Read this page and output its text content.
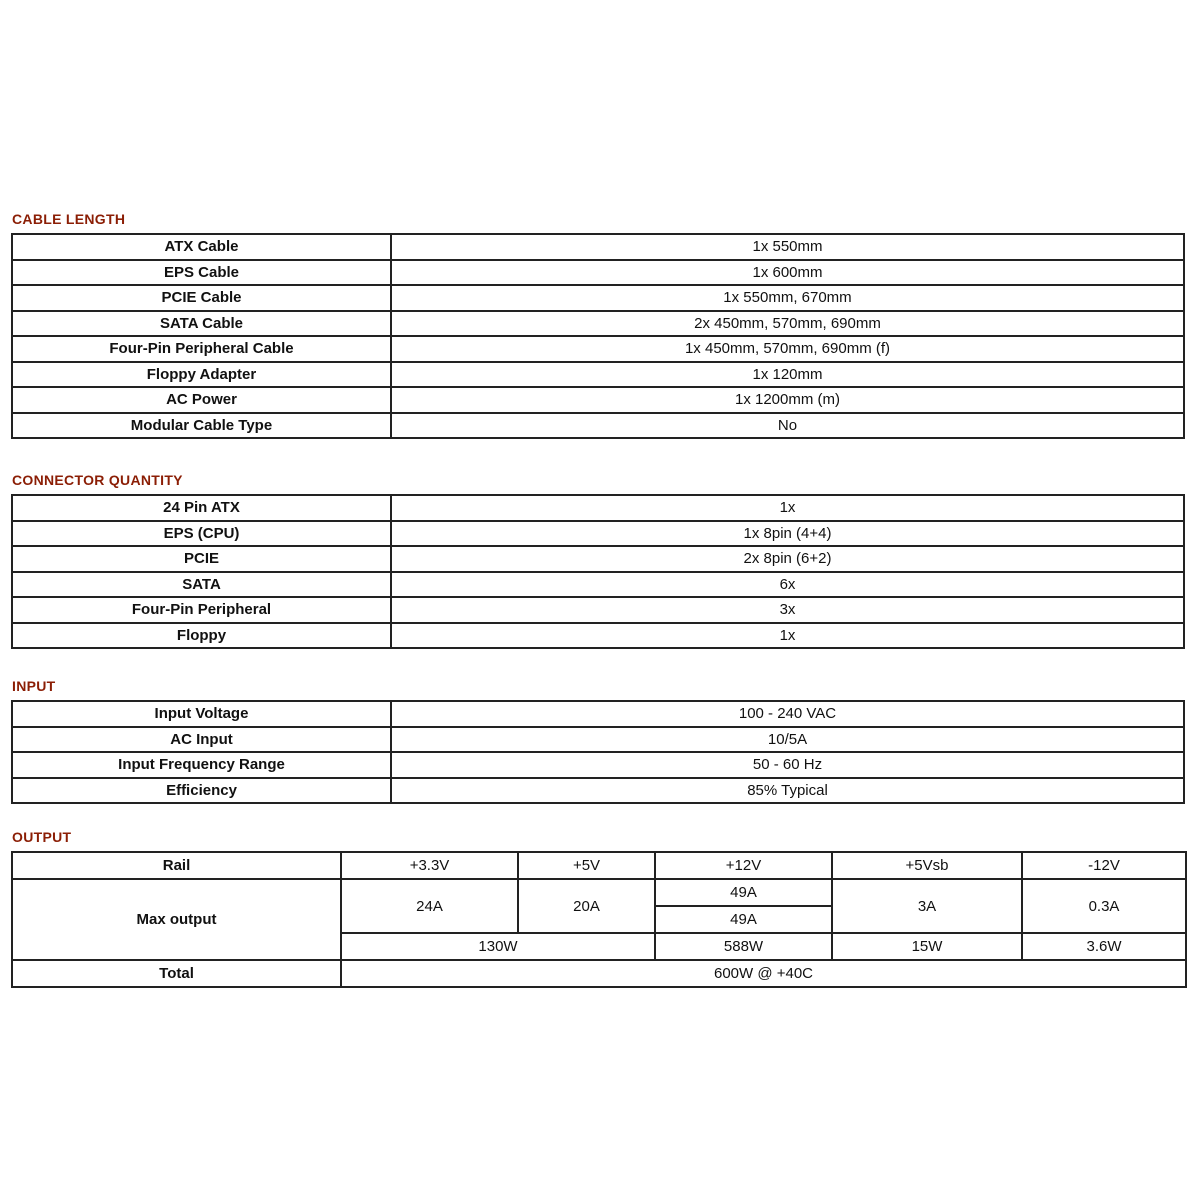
CABLE LENGTH
ATX Cable	1x 550mm
EPS Cable	1x 600mm
PCIE Cable	1x 550mm, 670mm
SATA Cable	2x 450mm, 570mm, 690mm
Four-Pin Peripheral Cable	1x 450mm, 570mm, 690mm (f)
Floppy Adapter	1x 120mm
AC Power	1x 1200mm (m)
Modular Cable Type	No
CONNECTOR QUANTITY
24 Pin ATX	1x
EPS (CPU)	1x 8pin (4+4)
PCIE	2x 8pin (6+2)
SATA	6x
Four-Pin Peripheral	3x
Floppy	1x
INPUT
Input Voltage	100 - 240 VAC
AC Input	10/5A
Input Frequency Range	50 - 60 Hz
Efficiency	85% Typical
OUTPUT
Rail	+3.3V	+5V	+12V	+5Vsb	-12V
Max output	24A	20A	49A	3A	0.3A
			49A		
	130W		588W	15W	3.6W
Total	600W @ +40C				
